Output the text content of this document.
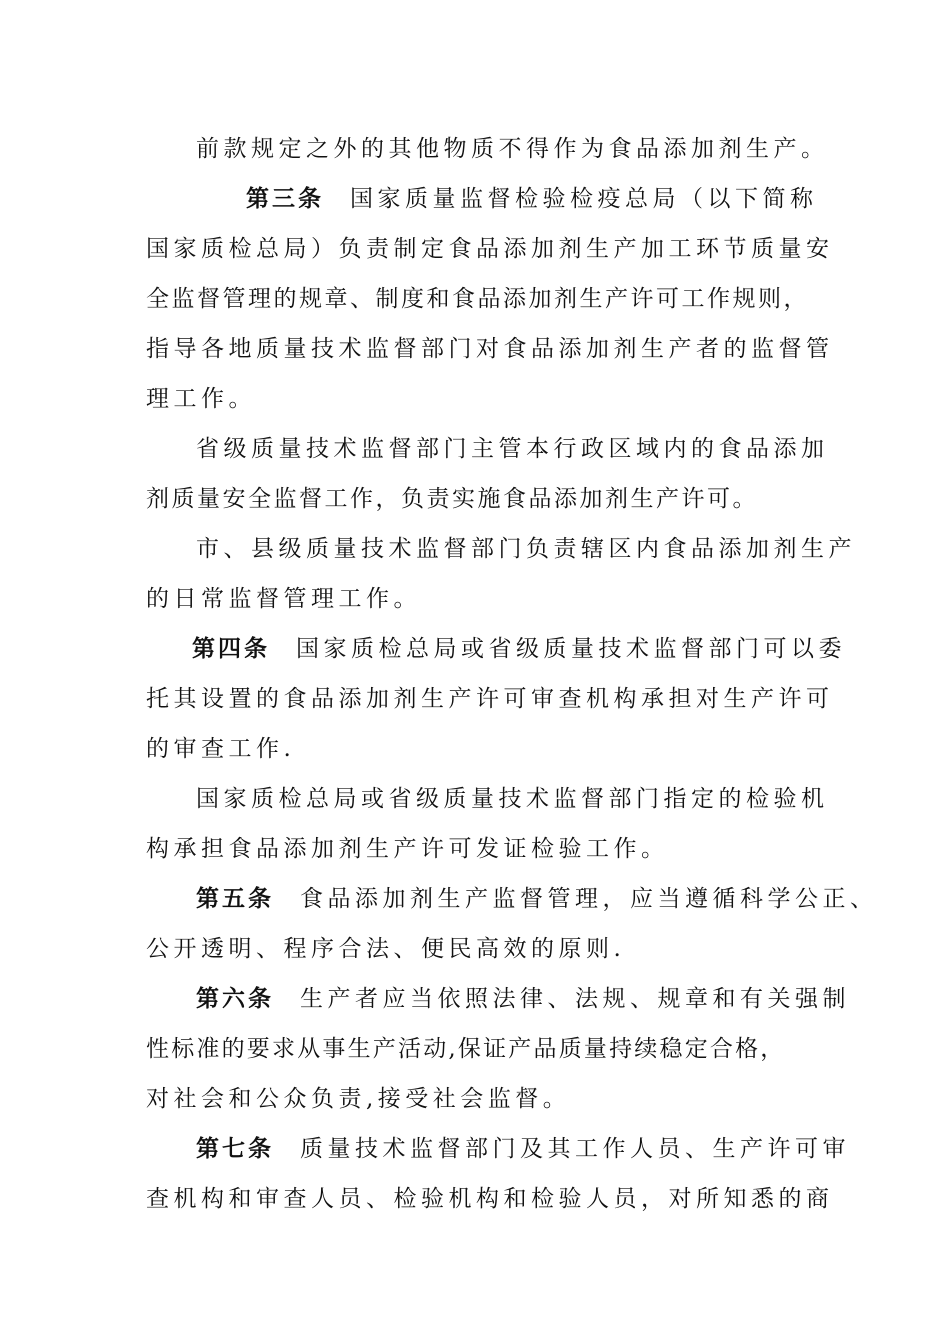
前款规定之外的其他物质不得作为食品添加剂生产。
第三条 国家质量监督检验检疫总局（以下简称
国家质检总局）负责制定食品添加剂生产加工环节质量安
全监督管理的规章、制度和食品添加剂生产许可工作规则，
指导各地质量技术监督部门对食品添加剂生产者的监督管
理工作。
省级质量技术监督部门主管本行政区域内的食品添加
剂质量安全监督工作，负责实施食品添加剂生产许可。
市、县级质量技术监督部门负责辖区内食品添加剂生产
的日常监督管理工作。
第四条 国家质检总局或省级质量技术监督部门可以委
托其设置的食品添加剂生产许可审查机构承担对生产许可
的审查工作.
国家质检总局或省级质量技术监督部门指定的检验机
构承担食品添加剂生产许可发证检验工作。
第五条 食品添加剂生产监督管理，应当遵循科学公正、
公开透明、程序合法、便民高效的原则.
第六条 生产者应当依照法律、法规、规章和有关强制
性标准的要求从事生产活动,保证产品质量持续稳定合格，
对社会和公众负责,接受社会监督。
第七条 质量技术监督部门及其工作人员、生产许可审
查机构和审查人员、检验机构和检验人员，对所知悉的商
